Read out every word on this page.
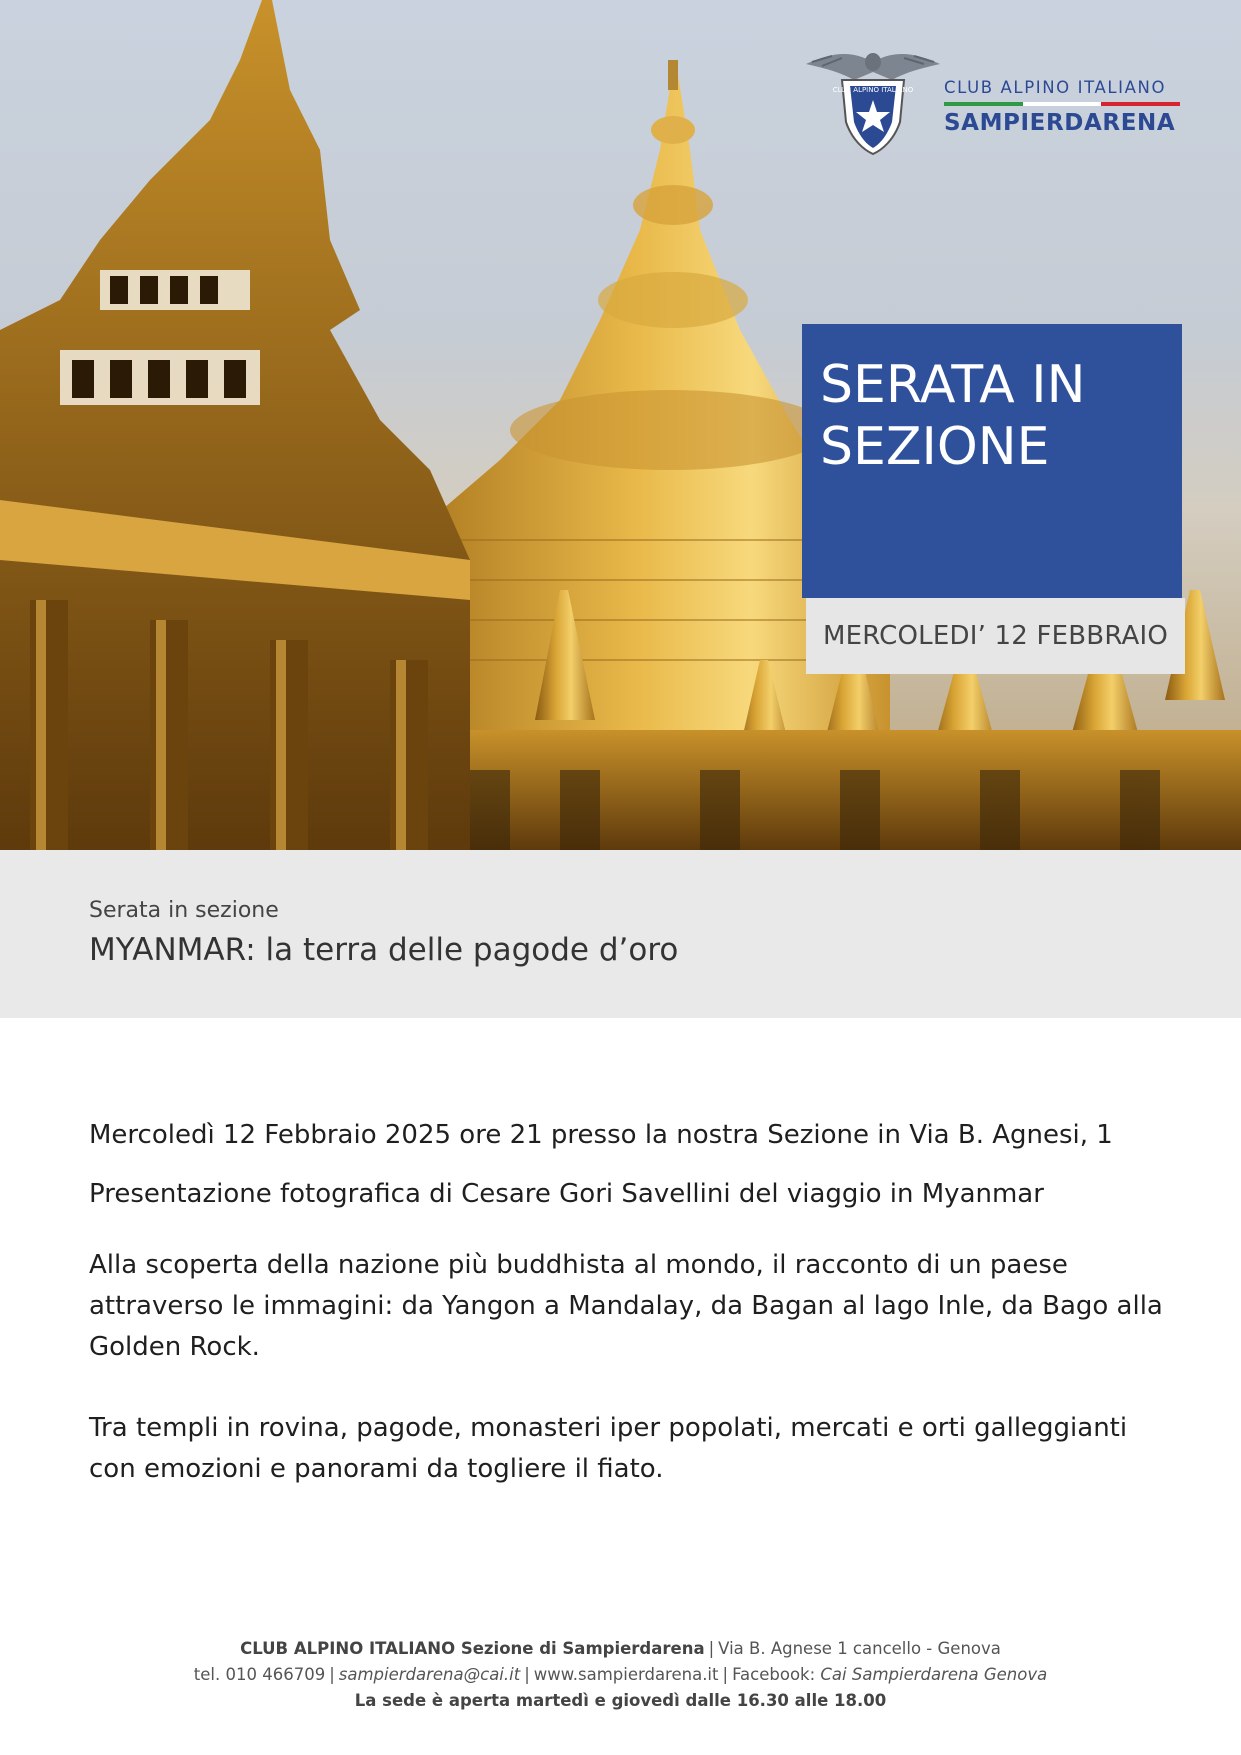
CLUB ALPINO ITALIANO CLUB ALPINO ITALIANO
SAMPIERDARENA
SERATA IN
SEZIONE
MERCOLEDI’ 12 FEBBRAIO
Serata in sezione
MYANMAR: la terra delle pagode d’oro

Mercoledì 12 Febbraio 2025 ore 21 presso la nostra Sezione in Via B. Agnesi, 1

Presentazione fotografica di Cesare Gori Savellini del viaggio in Myanmar

Alla scoperta della nazione più buddhista al mondo, il racconto di un paese attraverso le immagini: da Yangon a Mandalay, da Bagan al lago Inle, da Bago alla Golden Rock.

Tra templi in rovina, pagode, monasteri iper popolati, mercati e orti galleggianti con emozioni e panorami da togliere il fiato.

CLUB ALPINO ITALIANO Sezione di Sampierdarena | Via B. Agnese 1 cancello - Genova
tel. 010 466709 | sampierdarena@cai.it | www.sampierdarena.it | Facebook: Cai Sampierdarena Genova
La sede è aperta martedì e giovedì dalle 16.30 alle 18.00
